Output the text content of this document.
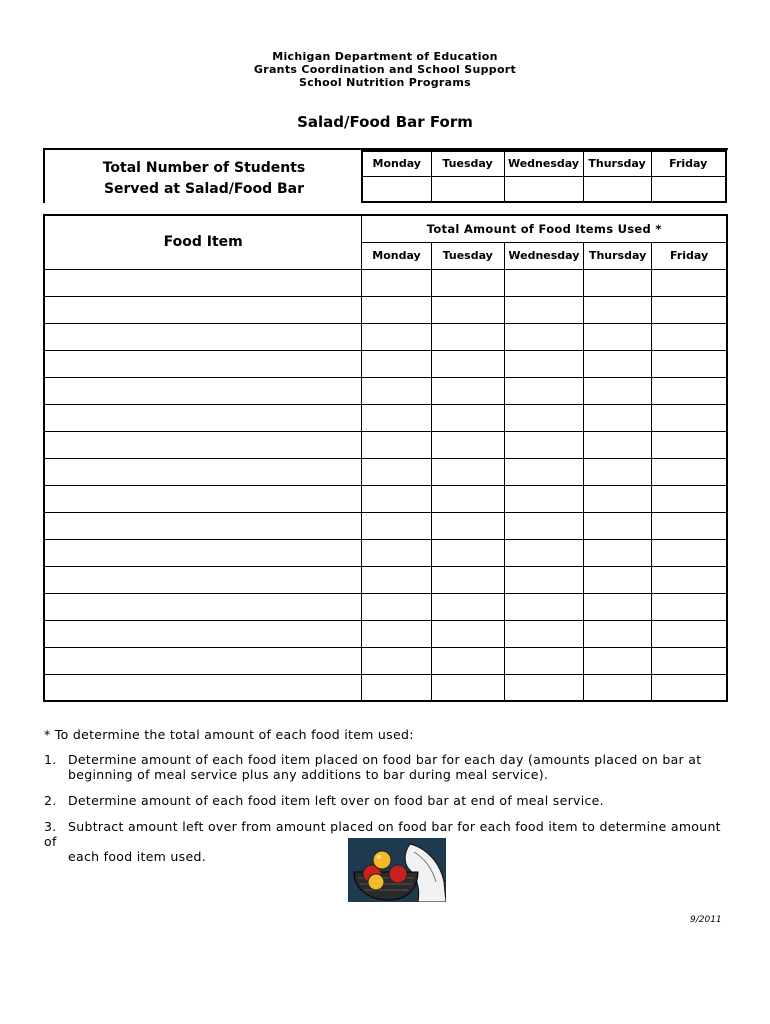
Michigan Department of Education
Grants Coordination and School Support
School Nutrition Programs
Salad/Food Bar Form
Total Number of Students
Served at Salad/Food Bar
Monday	Tuesday	Wednesday	Thursday	Friday

Food Item	Total Amount of Food Items Used *				
	Monday	Tuesday	Wednesday	Thursday	Friday

* To determine the total amount of each food item used:
1. Determine amount of each food item placed on food bar for each day (amounts placed on bar at
beginning of meal service plus any additions to bar during meal service).
2. Determine amount of each food item left over on food bar at end of meal service.
3. Subtract amount left over from amount placed on food bar for each food item to determine amount of
each food item used.
9/2011
